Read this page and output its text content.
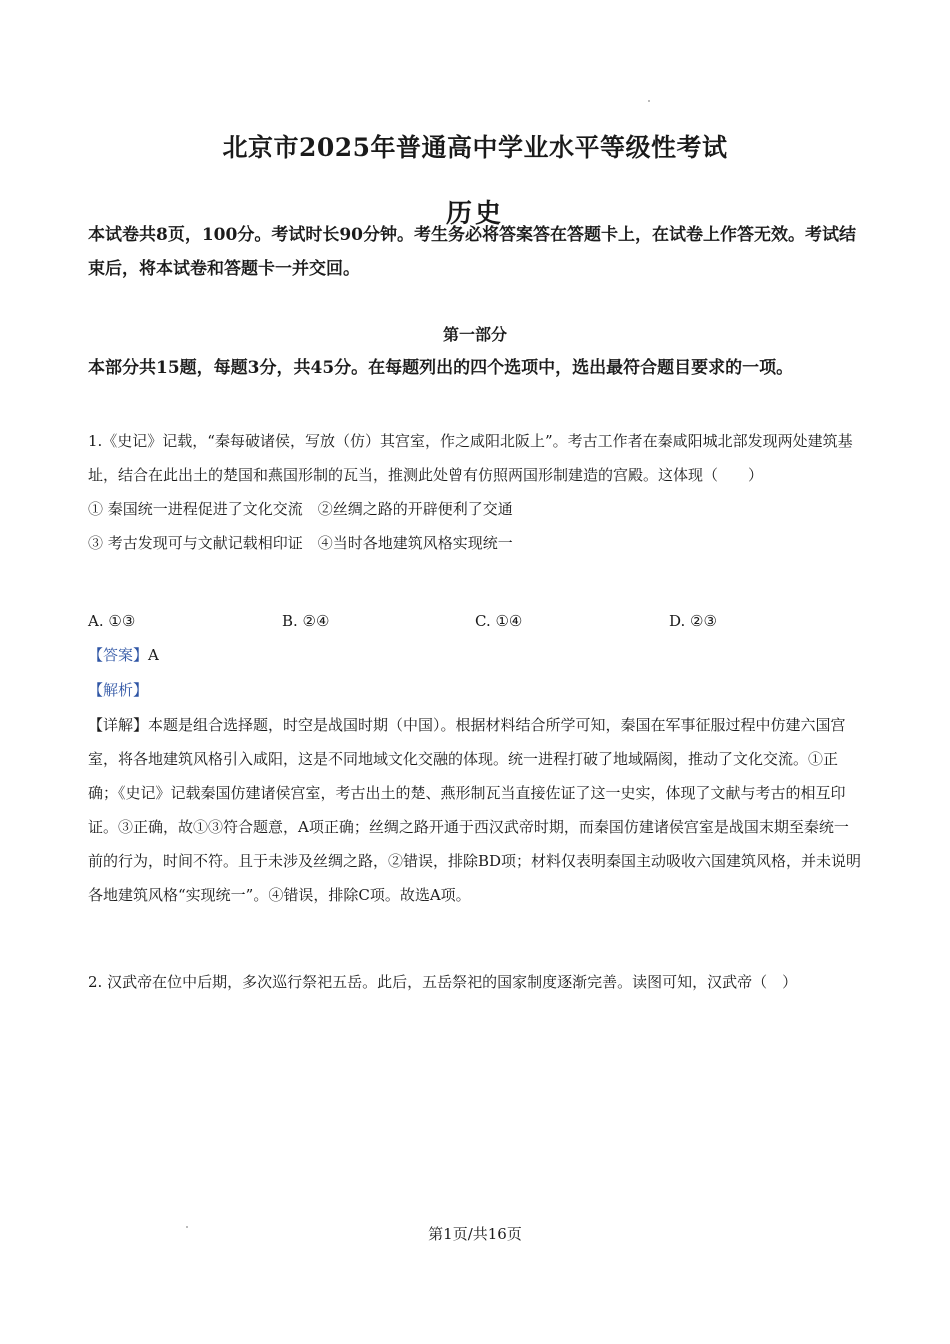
北京市2025年普通高中学业水平等级性考试
历史
本试卷共8页，100分。考试时长90分钟。考生务必将答案答在答题卡上，在试卷上作答无效。考试结束后，将本试卷和答题卡一并交回。
第一部分
本部分共15题，每题3分，共45分。在每题列出的四个选项中，选出最符合题目要求的一项。

1.《史记》记载，“秦每破诸侯，写放（仿）其宫室，作之咸阳北阪上”。考古工作者在秦咸阳城北部发现两处建筑基址，结合在此出土的楚国和燕国形制的瓦当，推测此处曾有仿照两国形制建造的宫殿。这体现（　　）

① 秦国统一进程促进了文化交流　②丝绸之路的开辟便利了交通

③ 考古发现可与文献记载相印证　④当时各地建筑风格实现统一

A. ①③	B. ②④	C. ①④	D. ②③
【答案】A
【解析】

【详解】本题是组合选择题，时空是战国时期（中国）。根据材料结合所学可知，秦国在军事征服过程中仿建六国宫室，将各地建筑风格引入咸阳，这是不同地域文化交融的体现。统一进程打破了地域隔阂，推动了文化交流。①正确；《史记》记载秦国仿建诸侯宫室，考古出土的楚、燕形制瓦当直接佐证了这一史实，体现了文献与考古的相互印证。③正确，故①③符合题意，A项正确；丝绸之路开通于西汉武帝时期，而秦国仿建诸侯宫室是战国末期至秦统一前的行为，时间不符。且于未涉及丝绸之路，②错误，排除BD项；材料仅表明秦国主动吸收六国建筑风格，并未说明各地建筑风格“实现统一”。④错误，排除C项。故选A项。

2. 汉武帝在位中后期，多次巡行祭祀五岳。此后，五岳祭祀的国家制度逐渐完善。读图可知，汉武帝（　）

第1页/共16页
